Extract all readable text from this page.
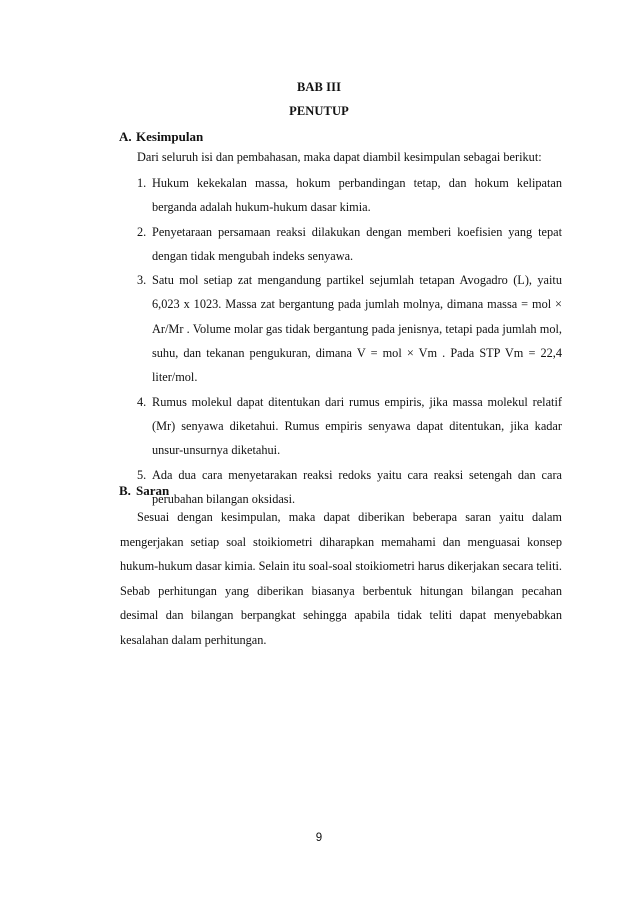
BAB III
PENUTUP
A. Kesimpulan
Dari seluruh isi dan pembahasan, maka dapat diambil kesimpulan sebagai berikut:
1. Hukum kekekalan massa, hokum perbandingan tetap, dan hokum kelipatan berganda adalah hukum-hukum dasar kimia.
2. Penyetaraan persamaan reaksi dilakukan dengan memberi koefisien yang tepat dengan tidak mengubah indeks senyawa.
3. Satu mol setiap zat mengandung partikel sejumlah tetapan Avogadro (L), yaitu 6,023 x 1023. Massa zat bergantung pada jumlah molnya, dimana massa = mol × Ar/Mr . Volume molar gas tidak bergantung pada jenisnya, tetapi pada jumlah mol, suhu, dan tekanan pengukuran, dimana V = mol × Vm . Pada STP Vm = 22,4 liter/mol.
4. Rumus molekul dapat ditentukan dari rumus empiris, jika massa molekul relatif (Mr) senyawa diketahui. Rumus empiris senyawa dapat ditentukan, jika kadar unsur-unsurnya diketahui.
5. Ada dua cara menyetarakan reaksi redoks yaitu cara reaksi setengah dan cara perubahan bilangan oksidasi.
B. Saran

Sesuai dengan kesimpulan, maka dapat diberikan beberapa saran yaitu dalam mengerjakan setiap soal stoikiometri diharapkan memahami dan menguasai konsep hukum-hukum dasar kimia. Selain itu soal-soal stoikiometri harus dikerjakan secara teliti. Sebab perhitungan yang diberikan biasanya berbentuk hitungan bilangan pecahan desimal dan bilangan berpangkat sehingga apabila tidak teliti dapat menyebabkan kesalahan dalam perhitungan.

9
